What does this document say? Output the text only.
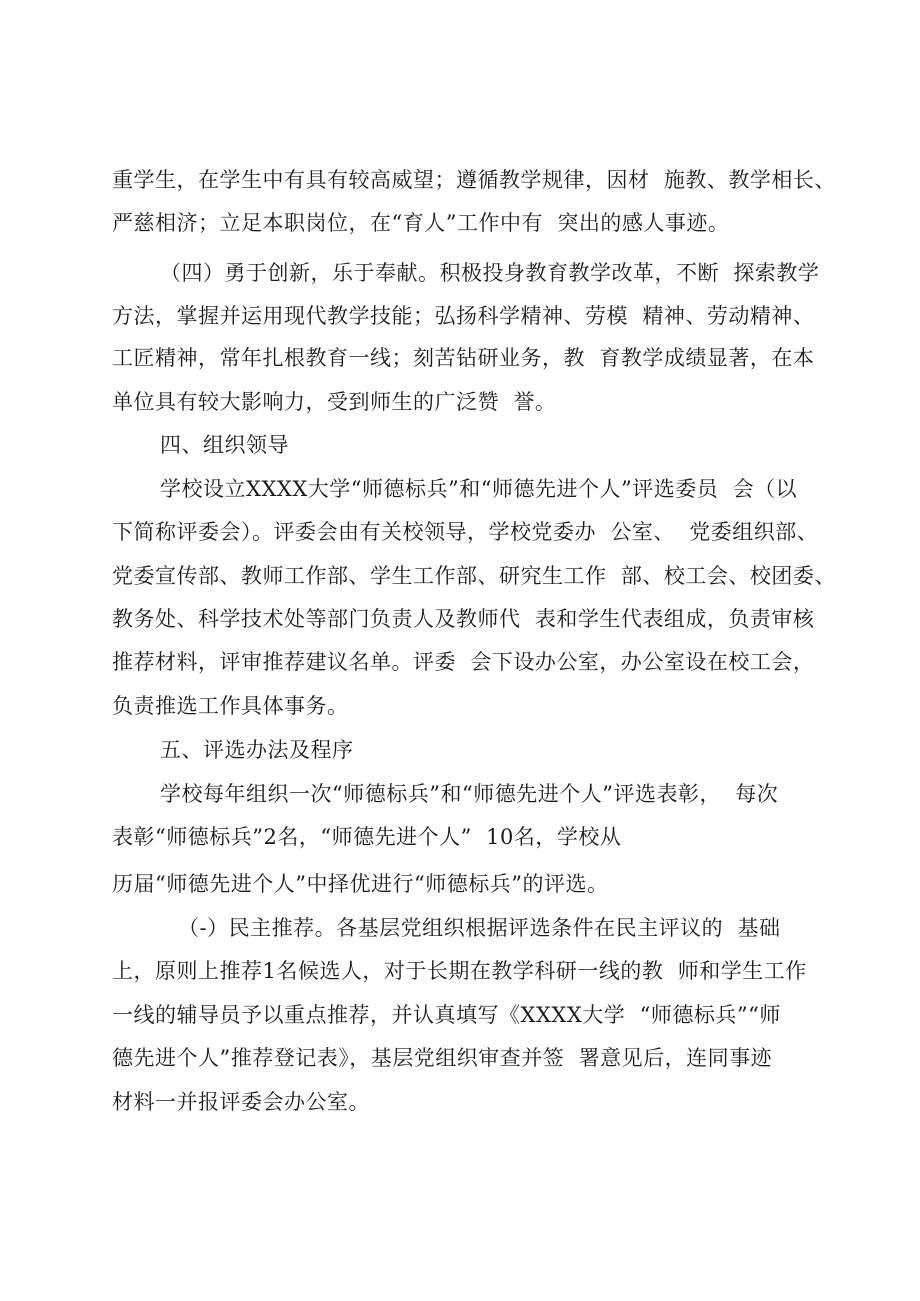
重学生，在学生中有具有较高威望；遵循教学规律，因材  施教、教学相长、
严慈相济；立足本职岗位，在“育人”工作中有  突出的感人事迹。
（四）勇于创新，乐于奉献。积极投身教育教学改革，不断  探索教学
方法，掌握并运用现代教学技能；弘扬科学精神、劳模  精神、劳动精神、
工匠精神，常年扎根教育一线；刻苦钻研业务，教  育教学成绩显著，在本
单位具有较大影响力，受到师生的广泛赞  誉。
四、组织领导
学校设立XXXX大学“师德标兵”和“师德先进个人”评选委员  会（以
下简称评委会）。评委会由有关校领导，学校党委办  公室、  党委组织部、
党委宣传部、教师工作部、学生工作部、研究生工作  部、校工会、校团委、
教务处、科学技术处等部门负责人及教师代  表和学生代表组成，负责审核
推荐材料，评审推荐建议名单。评委  会下设办公室，办公室设在校工会，
负责推选工作具体事务。
五、评选办法及程序
学校每年组织一次“师德标兵”和“师德先进个人”评选表彰，  每次
表彰“师德标兵”2名，“师德先进个人”  10名，学校从
历届“师德先进个人”中择优进行“师德标兵”的评选。
（-）民主推荐。各基层党组织根据评选条件在民主评议的  基础
上，原则上推荐1名候选人，对于长期在教学科研一线的教  师和学生工作
一线的辅导员予以重点推荐，并认真填写《XXXX大学  “师德标兵”“师
德先进个人”推荐登记表》，基层党组织审查并签  署意见后，连同事迹
材料一并报评委会办公室。
